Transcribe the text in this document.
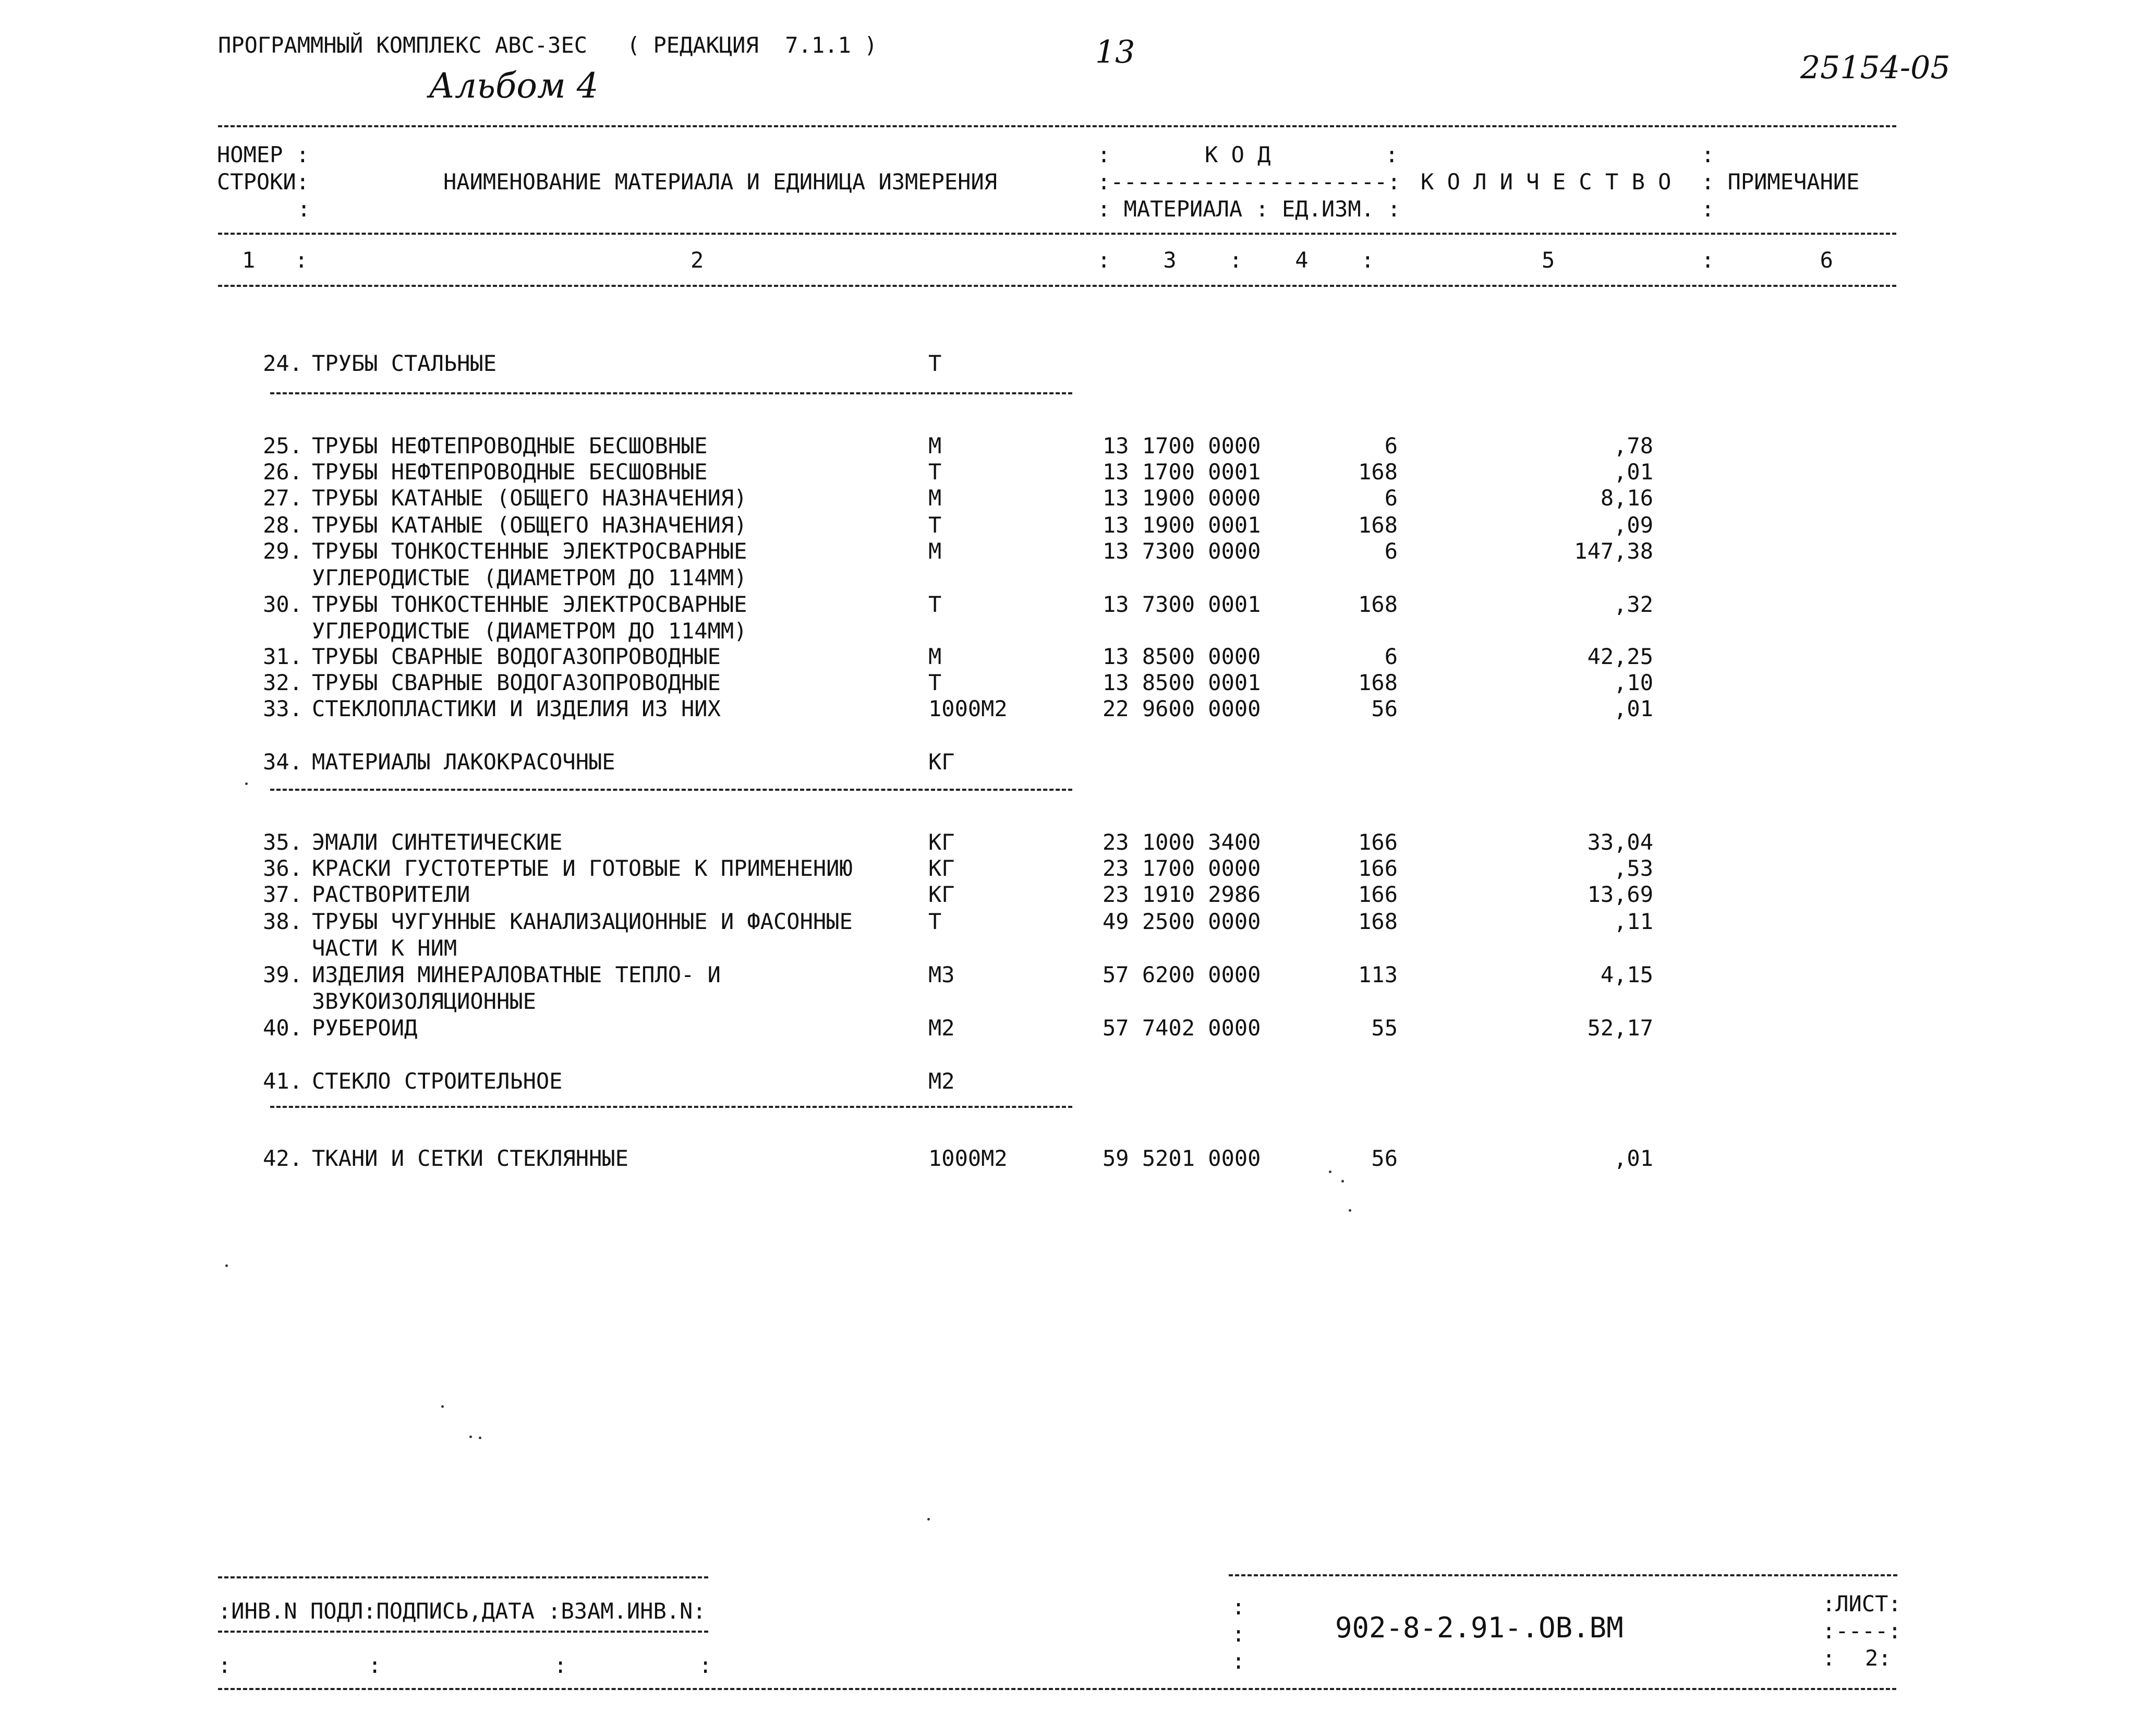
ПРОГРАММНЫЙ КОМПЛЕКС АВС-ЗЕС   ( РЕДАКЦИЯ  7.1.1 )
Альбом 4
13	25154-05
НОМЕР :
СТРОКИ:
:
НАИМЕНОВАНИЕ МАТЕРИАЛА И ЕДИНИЦА ИЗМЕРЕНИЯ
:	К О Д	:
:---------------------:
: МАТЕРИАЛА : ЕД.ИЗМ. :
К О Л И Ч Е С Т В О
:
: ПРИМЕЧАНИЕ
:
1   :	2	:    3    :    4    :	5	:        6
24. ТРУБЫ СТАЛЬНЫЕ	Т
25. ТРУБЫ НЕФТЕПРОВОДНЫЕ БЕСШОВНЫЕ	М	13 1700 0000	6	,78
26. ТРУБЫ НЕФТЕПРОВОДНЫЕ БЕСШОВНЫЕ	Т	13 1700 0001	168	,01
27. ТРУБЫ КАТАНЫЕ (ОБЩЕГО НАЗНАЧЕНИЯ)	М	13 1900 0000	6	8,16
28. ТРУБЫ КАТАНЫЕ (ОБЩЕГО НАЗНАЧЕНИЯ)	Т	13 1900 0001	168	,09
29. ТРУБЫ ТОНКОСТЕННЫЕ ЭЛЕКТРОСВАРНЫЕ
УГЛЕРОДИСТЫЕ (ДИАМЕТРОМ ДО 114ММ)
М	13 7300 0000	6	147,38
30. ТРУБЫ ТОНКОСТЕННЫЕ ЭЛЕКТРОСВАРНЫЕ
УГЛЕРОДИСТЫЕ (ДИАМЕТРОМ ДО 114ММ)
Т	13 7300 0001	168	,32
31. ТРУБЫ СВАРНЫЕ ВОДОГАЗОПРОВОДНЫЕ	М	13 8500 0000	6	42,25
32. ТРУБЫ СВАРНЫЕ ВОДОГАЗОПРОВОДНЫЕ	Т	13 8500 0001	168	,10
33. СТЕКЛОПЛАСТИКИ И ИЗДЕЛИЯ ИЗ НИХ	1000М2	22 9600 0000	56	,01
34. МАТЕРИАЛЫ ЛАКОКРАСОЧНЫЕ	КГ
35. ЭМАЛИ СИНТЕТИЧЕСКИЕ	КГ	23 1000 3400	166	33,04
36. КРАСКИ ГУСТОТЕРТЫЕ И ГОТОВЫЕ К ПРИМЕНЕНИЮ	КГ	23 1700 0000	166	,53
37. РАСТВОРИТЕЛИ	КГ	23 1910 2986	166	13,69
38. ТРУБЫ ЧУГУННЫЕ КАНАЛИЗАЦИОННЫЕ И ФАСОННЫЕ
ЧАСТИ К НИМ
Т	49 2500 0000	168	,11
39. ИЗДЕЛИЯ МИНЕРАЛОВАТНЫЕ ТЕПЛО- И
ЗВУКОИЗОЛЯЦИОННЫЕ
М3	57 6200 0000	113	4,15
40. РУБЕРОИД	М2	57 7402 0000	55	52,17
41. СТЕКЛО СТРОИТЕЛЬНОЕ	М2
42. ТКАНИ И СЕТКИ СТЕКЛЯННЫЕ	1000М2	59 5201 0000	56	,01
:ИНВ.N ПОДЛ:ПОДПИСЬ,ДАТА :ВЗАМ.ИНВ.N:
:	:	:	:
:
:
:
902-8-2.91-.ОВ.ВМ
:ЛИСТ:
:----:
: 2:
